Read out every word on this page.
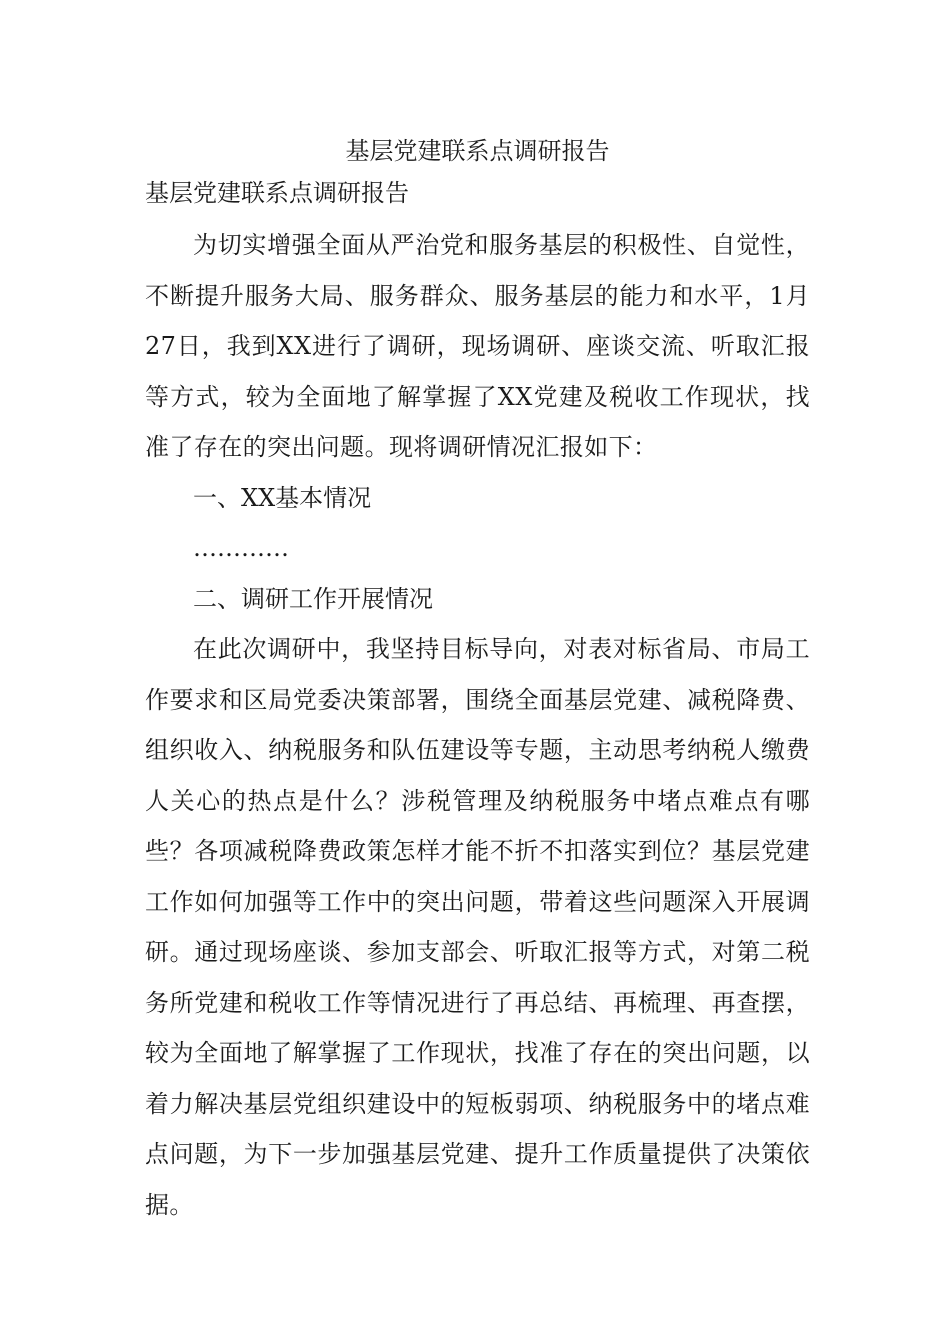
基层党建联系点调研报告

基层党建联系点调研报告

为切实增强全面从严治党和服务基层的积极性、自觉性，不断提升服务大局、服务群众、服务基层的能力和水平，1月27日，我到XX进行了调研，现场调研、座谈交流、听取汇报等方式，较为全面地了解掌握了XX党建及税收工作现状，找准了存在的突出问题。现将调研情况汇报如下：

一、XX基本情况

…………

二、调研工作开展情况

在此次调研中，我坚持目标导向，对表对标省局、市局工作要求和区局党委决策部署，围绕全面基层党建、减税降费、组织收入、纳税服务和队伍建设等专题，主动思考纳税人缴费人关心的热点是什么？涉税管理及纳税服务中堵点难点有哪些？各项减税降费政策怎样才能不折不扣落实到位？基层党建工作如何加强等工作中的突出问题，带着这些问题深入开展调研。通过现场座谈、参加支部会、听取汇报等方式，对第二税务所党建和税收工作等情况进行了再总结、再梳理、再查摆，较为全面地了解掌握了工作现状，找准了存在的突出问题，以着力解决基层党组织建设中的短板弱项、纳税服务中的堵点难点问题，为下一步加强基层党建、提升工作质量提供了决策依据。
